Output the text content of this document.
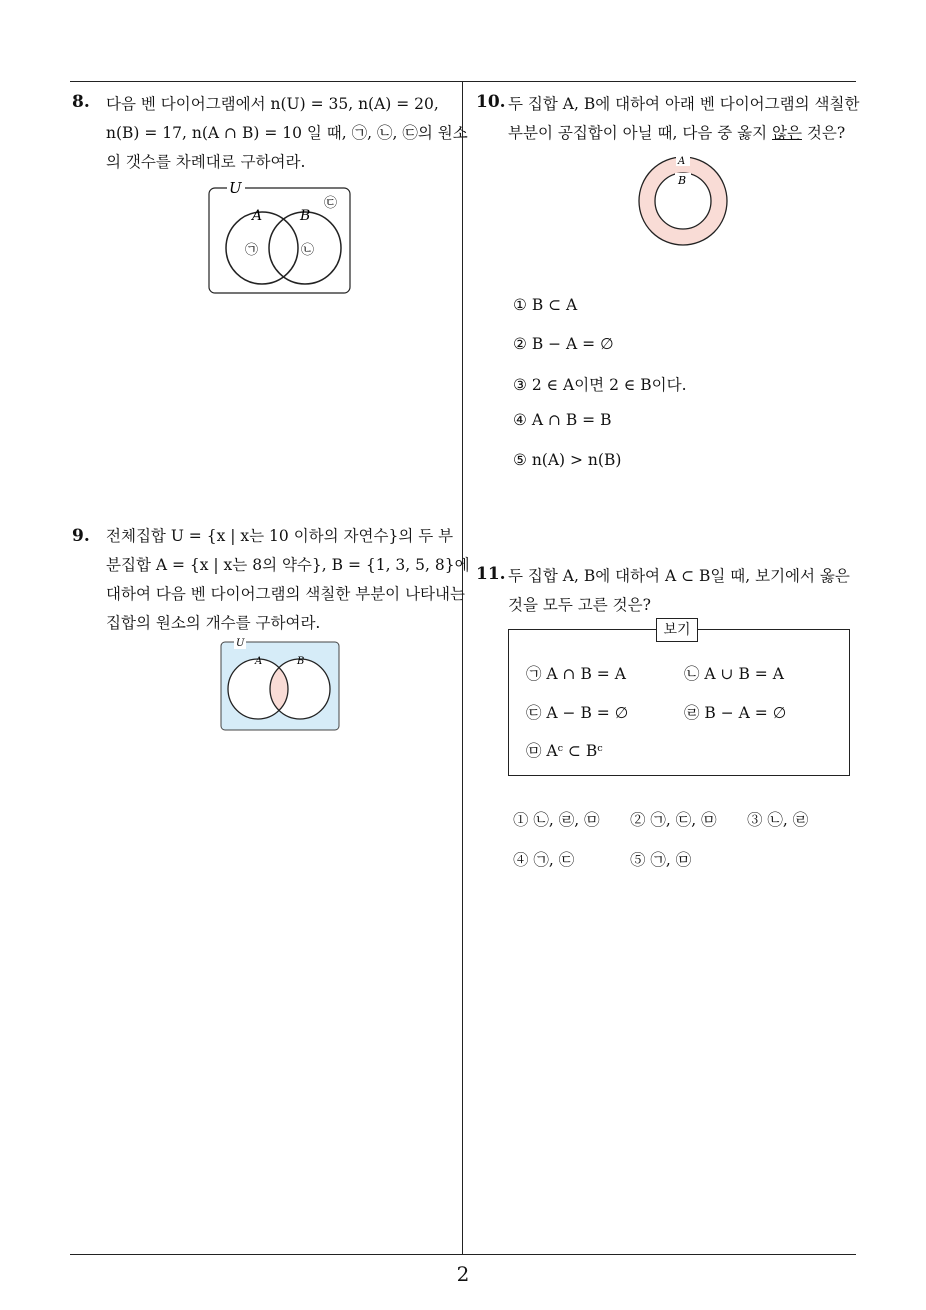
8. 다음 벤 다이어그램에서 n(U) = 35, n(A) = 20,
n(B) = 17, n(A ∩ B) = 10 일 때, ㉠, ㉡, ㉢의 원소
의 갯수를 차례대로 구하여라.
U
A	B
㉠	㉡
㉢
9. 전체집합 U = {x | x는 10 이하의 자연수}의 두 부
분집합 A = {x | x는 8의 약수}, B = {1, 3, 5, 8}에
대하여 다음 벤 다이어그램의 색칠한 부분이 나타내는
집합의 원소의 개수를 구하여라.
U
A	B
10. 두 집합 A, B에 대하여 아래 벤 다이어그램의 색칠한
부분이 공집합이 아닐 때, 다음 중 옳지 않은 것은?
A
B
① B ⊂ A
② B − A = ∅
③ 2 ∈ A이면 2 ∈ B이다.
④ A ∩ B = B
⑤ n(A) > n(B)
11. 두 집합 A, B에 대하여 A ⊂ B일 때, 보기에서 옳은
것을 모두 고른 것은?
보기
㉠ A ∩ B = A	㉡ A ∪ B = A
㉢ A − B = ∅	㉣ B − A = ∅
㉤ Aᶜ ⊂ Bᶜ
① ㉡, ㉣, ㉤ ② ㉠, ㉢, ㉤ ③ ㉡, ㉣
④ ㉠, ㉢	⑤ ㉠, ㉤
2
